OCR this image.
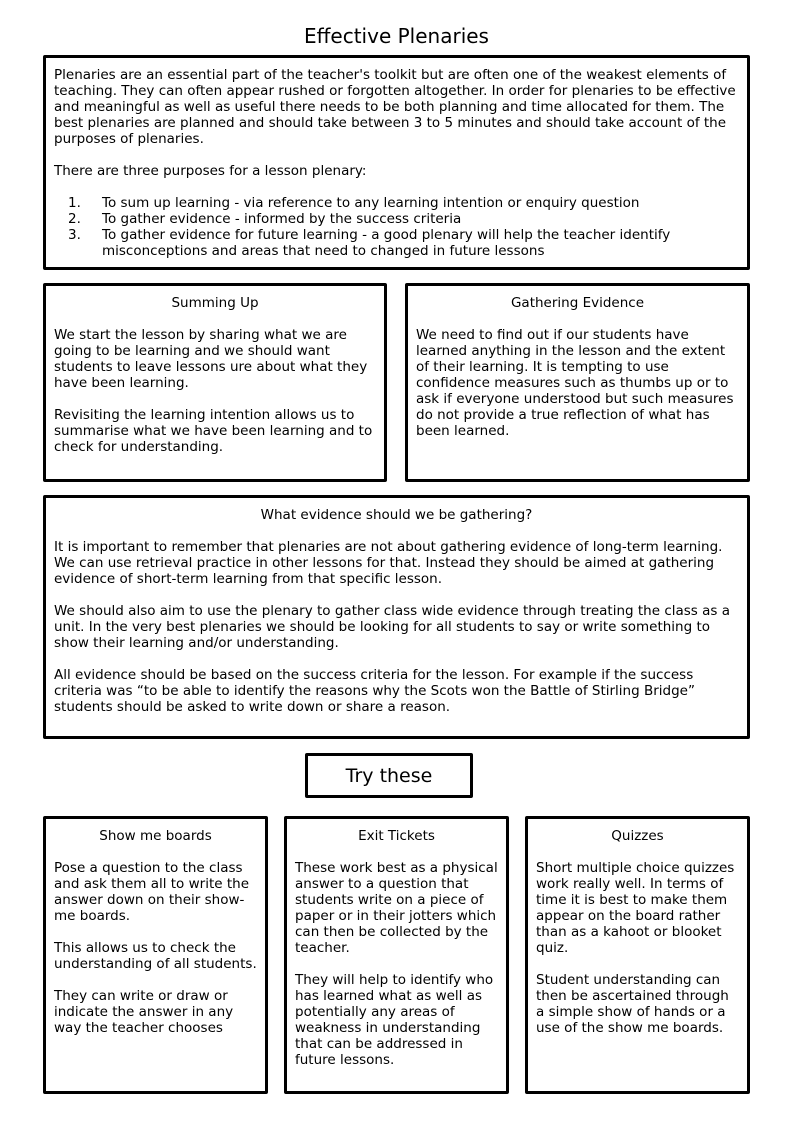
Effective Plenaries

Plenaries are an essential part of the teacher's toolkit but are often one of the weakest elements of teaching. They can often appear rushed or forgotten altogether. In order for plenaries to be effective and meaningful as well as useful there needs to be both planning and time allocated for them. The best plenaries are planned and should take between 3 to 5 minutes and should take account of the purposes of plenaries.

There are three purposes for a lesson plenary:

1.	To sum up learning - via reference to any learning intention or enquiry question
2.	To gather evidence - informed by the success criteria
3.	To gather evidence for future learning - a good plenary will help the teacher identify misconceptions and areas that need to changed in future lessons
Summing Up

We start the lesson by sharing what we are going to be learning and we should want students to leave lessons ure about what they have been learning.

Revisiting the learning intention allows us to summarise what we have been learning and to check for understanding.

Gathering Evidence

We need to find out if our students have learned anything in the lesson and the extent of their learning. It is tempting to use confidence measures such as thumbs up or to ask if everyone understood but such measures do not provide a true reflection of what has been learned.

What evidence should we be gathering?

It is important to remember that plenaries are not about gathering evidence of long-term learning. We can use retrieval practice in other lessons for that. Instead they should be aimed at gathering evidence of short-term learning from that specific lesson.

We should also aim to use the plenary to gather class wide evidence through treating the class as a unit. In the very best plenaries we should be looking for all students to say or write something to show their learning and/or understanding.

All evidence should be based on the success criteria for the lesson. For example if the success criteria was “to be able to identify the reasons why the Scots won the Battle of Stirling Bridge” students should be asked to write down or share a reason.

Try these
Show me boards

Pose a question to the class and ask them all to write the answer down on their show-me boards.

This allows us to check the understanding of all students.

They can write or draw or indicate the answer in any way the teacher chooses

Exit Tickets

These work best as a physical answer to a question that students write on a piece of paper or in their jotters which can then be collected by the teacher.

They will help to identify who has learned what as well as potentially any areas of weakness in understanding that can be addressed in future lessons.

Quizzes

Short multiple choice quizzes work really well. In terms of time it is best to make them appear on the board rather than as a kahoot or blooket quiz.

Student understanding can then be ascertained through a simple show of hands or a use of the show me boards.
